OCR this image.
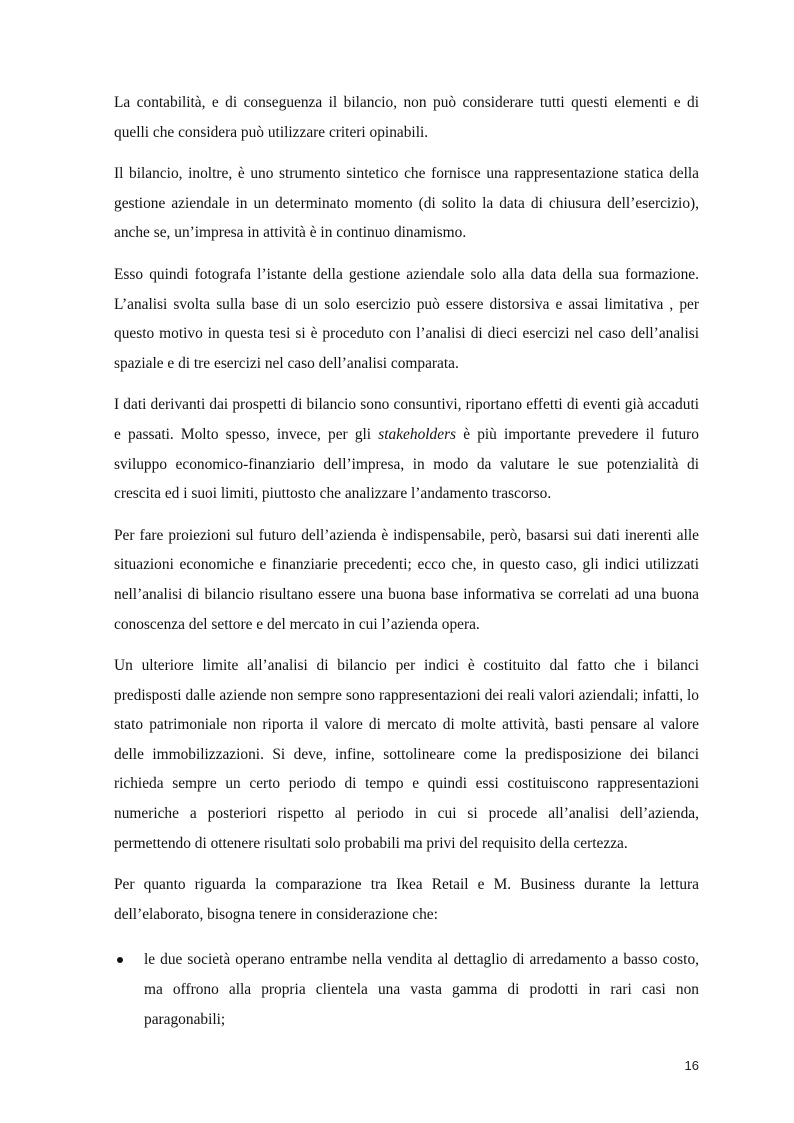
La contabilità, e di conseguenza il bilancio, non può considerare tutti questi elementi e di quelli che considera può utilizzare criteri opinabili.

Il bilancio, inoltre, è uno strumento sintetico che fornisce una rappresentazione statica della gestione aziendale in un determinato momento (di solito la data di chiusura dell’esercizio), anche se, un’impresa in attività è in continuo dinamismo.

Esso quindi fotografa l’istante della gestione aziendale solo alla data della sua formazione. L’analisi svolta sulla base di un solo esercizio può essere distorsiva e assai limitativa , per questo motivo in questa tesi si è proceduto con l’analisi di dieci esercizi nel caso dell’analisi spaziale e di tre esercizi nel caso dell’analisi comparata.

I dati derivanti dai prospetti di bilancio sono consuntivi, riportano effetti di eventi già accaduti e passati. Molto spesso, invece, per gli stakeholders è più importante prevedere il futuro sviluppo economico-finanziario dell’impresa, in modo da valutare le sue potenzialità di crescita ed i suoi limiti, piuttosto che analizzare l’andamento trascorso.

Per fare proiezioni sul futuro dell’azienda è indispensabile, però, basarsi sui dati inerenti alle situazioni economiche e finanziarie precedenti; ecco che, in questo caso, gli indici utilizzati nell’analisi di bilancio risultano essere una buona base informativa se correlati ad una buona conoscenza del settore e del mercato in cui l’azienda opera.

Un ulteriore limite all’analisi di bilancio per indici è costituito dal fatto che i bilanci predisposti dalle aziende non sempre sono rappresentazioni dei reali valori aziendali; infatti, lo stato patrimoniale non riporta il valore di mercato di molte attività, basti pensare al valore delle immobilizzazioni. Si deve, infine, sottolineare come la predisposizione dei bilanci richieda sempre un certo periodo di tempo e quindi essi costituiscono rappresentazioni numeriche a posteriori rispetto al periodo in cui si procede all’analisi dell’azienda, permettendo di ottenere risultati solo probabili ma privi del requisito della certezza.

Per quanto riguarda la comparazione tra Ikea Retail e M. Business durante la lettura dell’elaborato, bisogna tenere in considerazione che:

le due società operano entrambe nella vendita al dettaglio di arredamento a basso costo, ma offrono alla propria clientela una vasta gamma di prodotti in rari casi non paragonabili;
16
